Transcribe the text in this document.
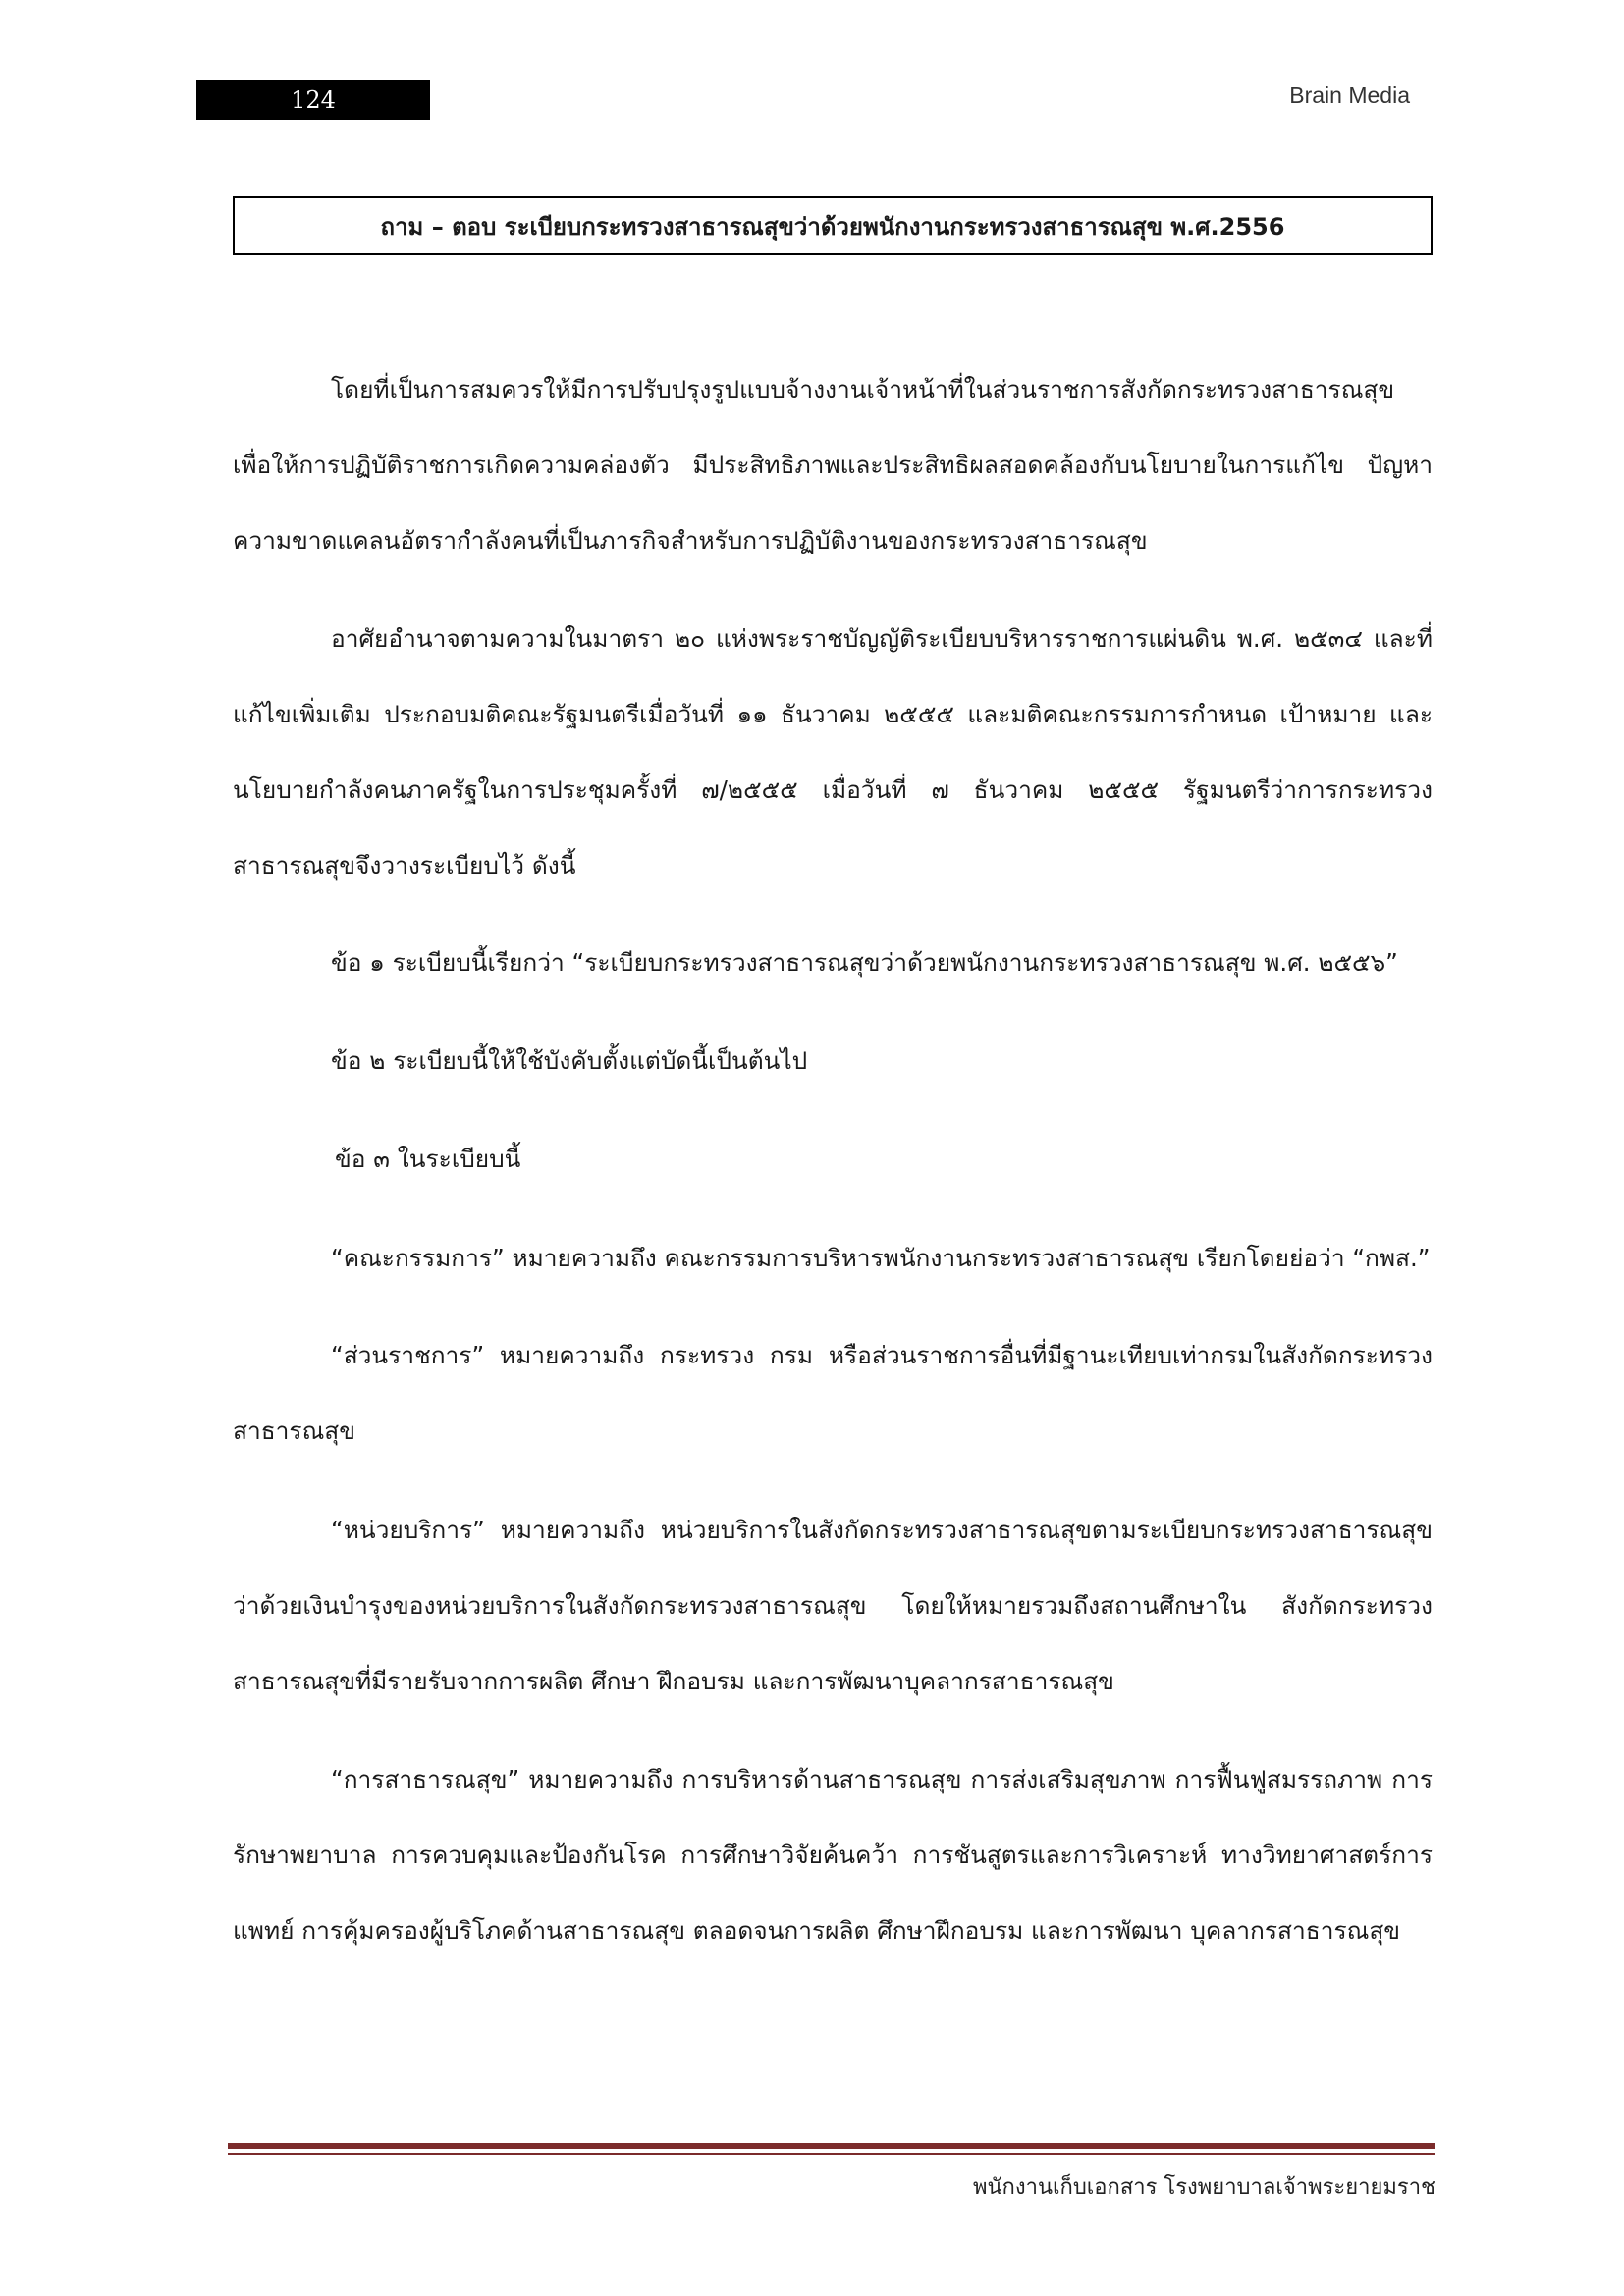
124	Brain Media
ถาม – ตอบ ระเบียบกระทรวงสาธารณสุขว่าด้วยพนักงานกระทรวงสาธารณสุข พ.ศ.2556

โดยที่เป็นการสมควรให้มีการปรับปรุงรูปแบบจ้างงานเจ้าหน้าที่ในส่วนราชการสังกัดกระทรวงสาธารณสุข เพื่อให้การปฏิบัติราชการเกิดความคล่องตัว มีประสิทธิภาพและประสิทธิผลสอดคล้องกับนโยบายในการแก้ไข ปัญหาความขาดแคลนอัตรากำลังคนที่เป็นภารกิจสำหรับการปฏิบัติงานของกระทรวงสาธารณสุข

อาศัยอำนาจตามความในมาตรา ๒๐ แห่งพระราชบัญญัติระเบียบบริหารราชการแผ่นดิน พ.ศ. ๒๕๓๔ และที่แก้ไขเพิ่มเติม ประกอบมติคณะรัฐมนตรีเมื่อวันที่ ๑๑ ธันวาคม ๒๕๕๕ และมติคณะกรรมการกำหนด เป้าหมาย และนโยบายกำลังคนภาครัฐในการประชุมครั้งที่ ๗/๒๕๕๕ เมื่อวันที่ ๗ ธันวาคม ๒๕๕๕ รัฐมนตรีว่าการกระทรวงสาธารณสุขจึงวางระเบียบไว้ ดังนี้

ข้อ ๑ ระเบียบนี้เรียกว่า “ระเบียบกระทรวงสาธารณสุขว่าด้วยพนักงานกระทรวงสาธารณสุข พ.ศ. ๒๕๕๖”

ข้อ ๒ ระเบียบนี้ให้ใช้บังคับตั้งแต่บัดนี้เป็นต้นไป

ข้อ ๓ ในระเบียบนี้

“คณะกรรมการ” หมายความถึง คณะกรรมการบริหารพนักงานกระทรวงสาธารณสุข เรียกโดยย่อว่า “กพส.”

“ส่วนราชการ” หมายความถึง กระทรวง กรม หรือส่วนราชการอื่นที่มีฐานะเทียบเท่ากรมในสังกัดกระทรวงสาธารณสุข

“หน่วยบริการ” หมายความถึง หน่วยบริการในสังกัดกระทรวงสาธารณสุขตามระเบียบกระทรวงสาธารณสุขว่าด้วยเงินบำรุงของหน่วยบริการในสังกัดกระทรวงสาธารณสุข โดยให้หมายรวมถึงสถานศึกษาใน สังกัดกระทรวงสาธารณสุขที่มีรายรับจากการผลิต ศึกษา ฝึกอบรม และการพัฒนาบุคลากรสาธารณสุข

“การสาธารณสุข” หมายความถึง การบริหารด้านสาธารณสุข การส่งเสริมสุขภาพ การฟื้นฟูสมรรถภาพ การรักษาพยาบาล การควบคุมและป้องกันโรค การศึกษาวิจัยค้นคว้า การชันสูตรและการวิเคราะห์ ทางวิทยาศาสตร์การแพทย์ การคุ้มครองผู้บริโภคด้านสาธารณสุข ตลอดจนการผลิต ศึกษาฝึกอบรม และการพัฒนา บุคลากรสาธารณสุข

พนักงานเก็บเอกสาร โรงพยาบาลเจ้าพระยายมราช
